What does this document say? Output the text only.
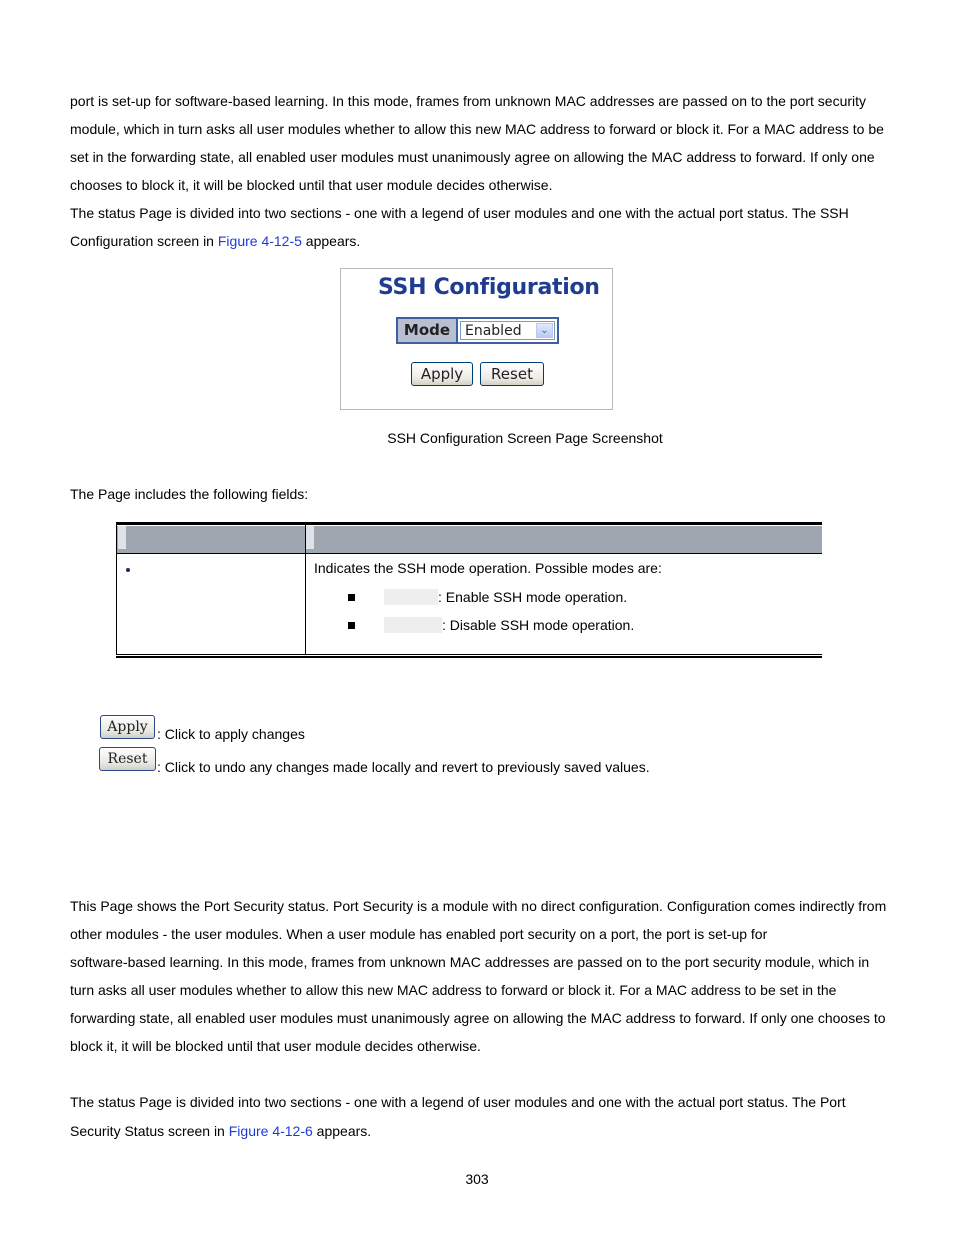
port is set-up for software-based learning. In this mode, frames from unknown MAC addresses are passed on to the port security
module, which in turn asks all user modules whether to allow this new MAC address to forward or block it. For a MAC address to be
set in the forwarding state, all enabled user modules must unanimously agree on allowing the MAC address to forward. If only one
chooses to block it, it will be blocked until that user module decides otherwise.
The status Page is divided into two sections - one with a legend of user modules and one with the actual port status. The SSH
Configuration screen in Figure 4-12-5 appears.
SSH Configuration
Mode	Enabled	⌄
Apply	Reset
SSH Configuration Screen Page Screenshot
The Page includes the following fields:
Indicates the SSH mode operation. Possible modes are:
: Enable SSH mode operation.
: Disable SSH mode operation.
Apply : Click to apply changes
Reset : Click to undo any changes made locally and revert to previously saved values.
This Page shows the Port Security status. Port Security is a module with no direct configuration. Configuration comes indirectly from
other modules - the user modules. When a user module has enabled port security on a port, the port is set-up for
software-based learning. In this mode, frames from unknown MAC addresses are passed on to the port security module, which in
turn asks all user modules whether to allow this new MAC address to forward or block it. For a MAC address to be set in the
forwarding state, all enabled user modules must unanimously agree on allowing the MAC address to forward. If only one chooses to
block it, it will be blocked until that user module decides otherwise.
The status Page is divided into two sections - one with a legend of user modules and one with the actual port status. The Port
Security Status screen in Figure 4-12-6 appears.
303
